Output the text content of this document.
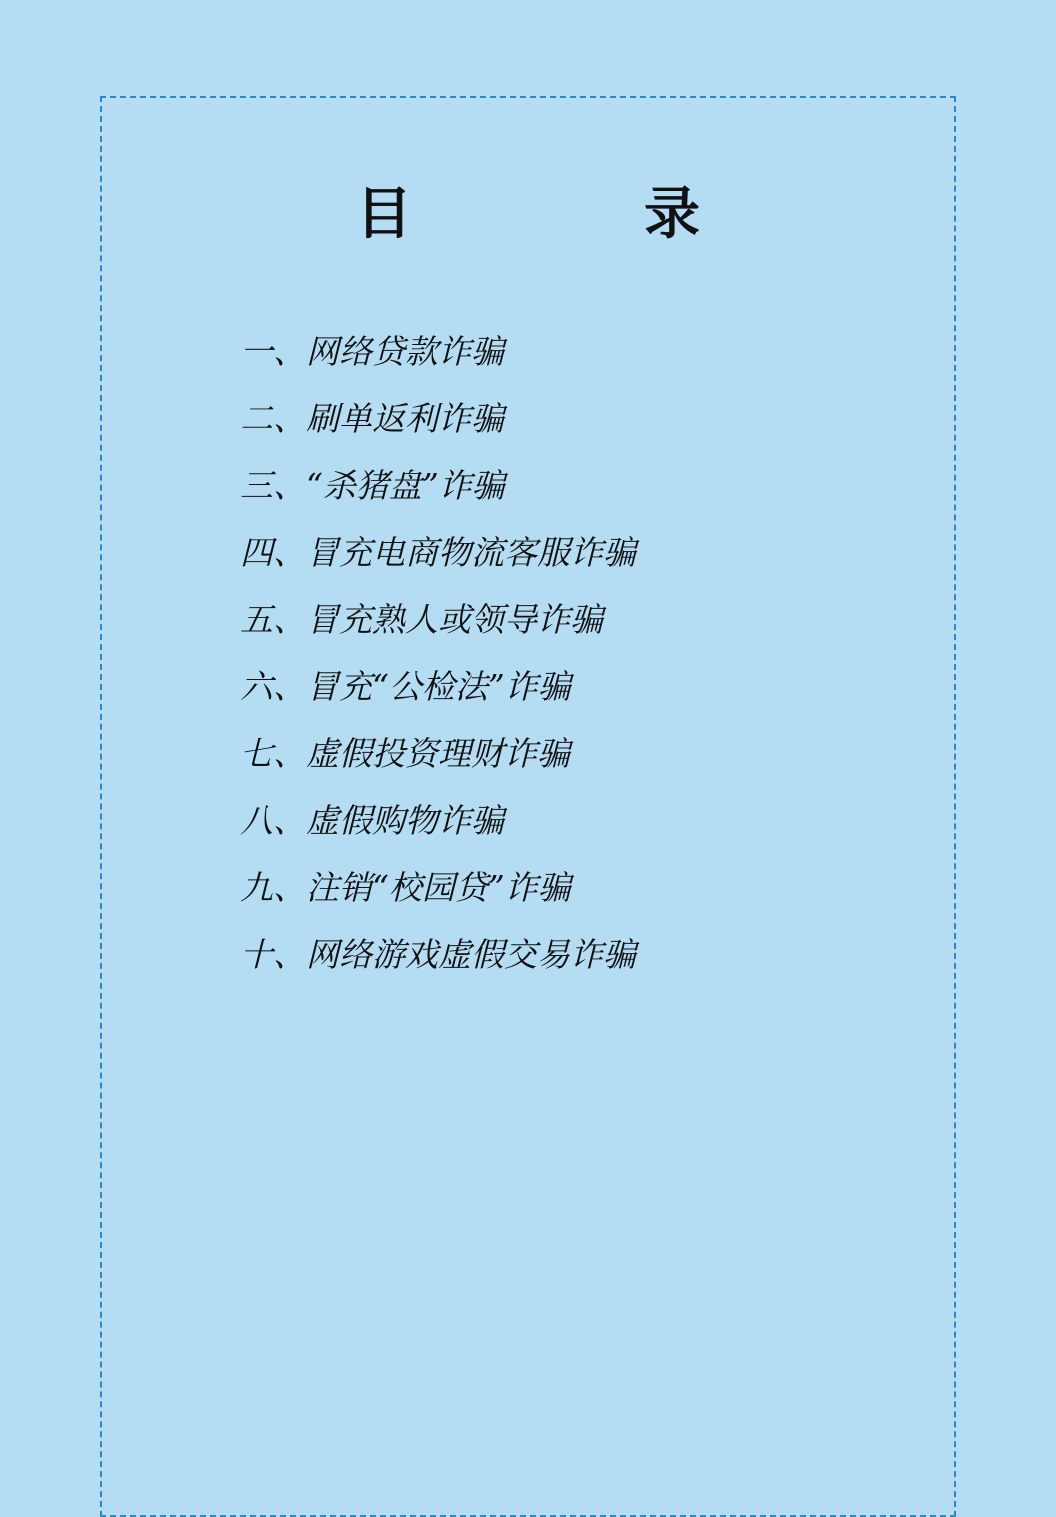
目　　录
一、网络贷款诈骗
二、刷单返利诈骗
三、“杀猪盘”诈骗
四、冒充电商物流客服诈骗
五、冒充熟人或领导诈骗
六、冒充“公检法”诈骗
七、虚假投资理财诈骗
八、虚假购物诈骗
九、注销“校园贷”诈骗
十、网络游戏虚假交易诈骗
